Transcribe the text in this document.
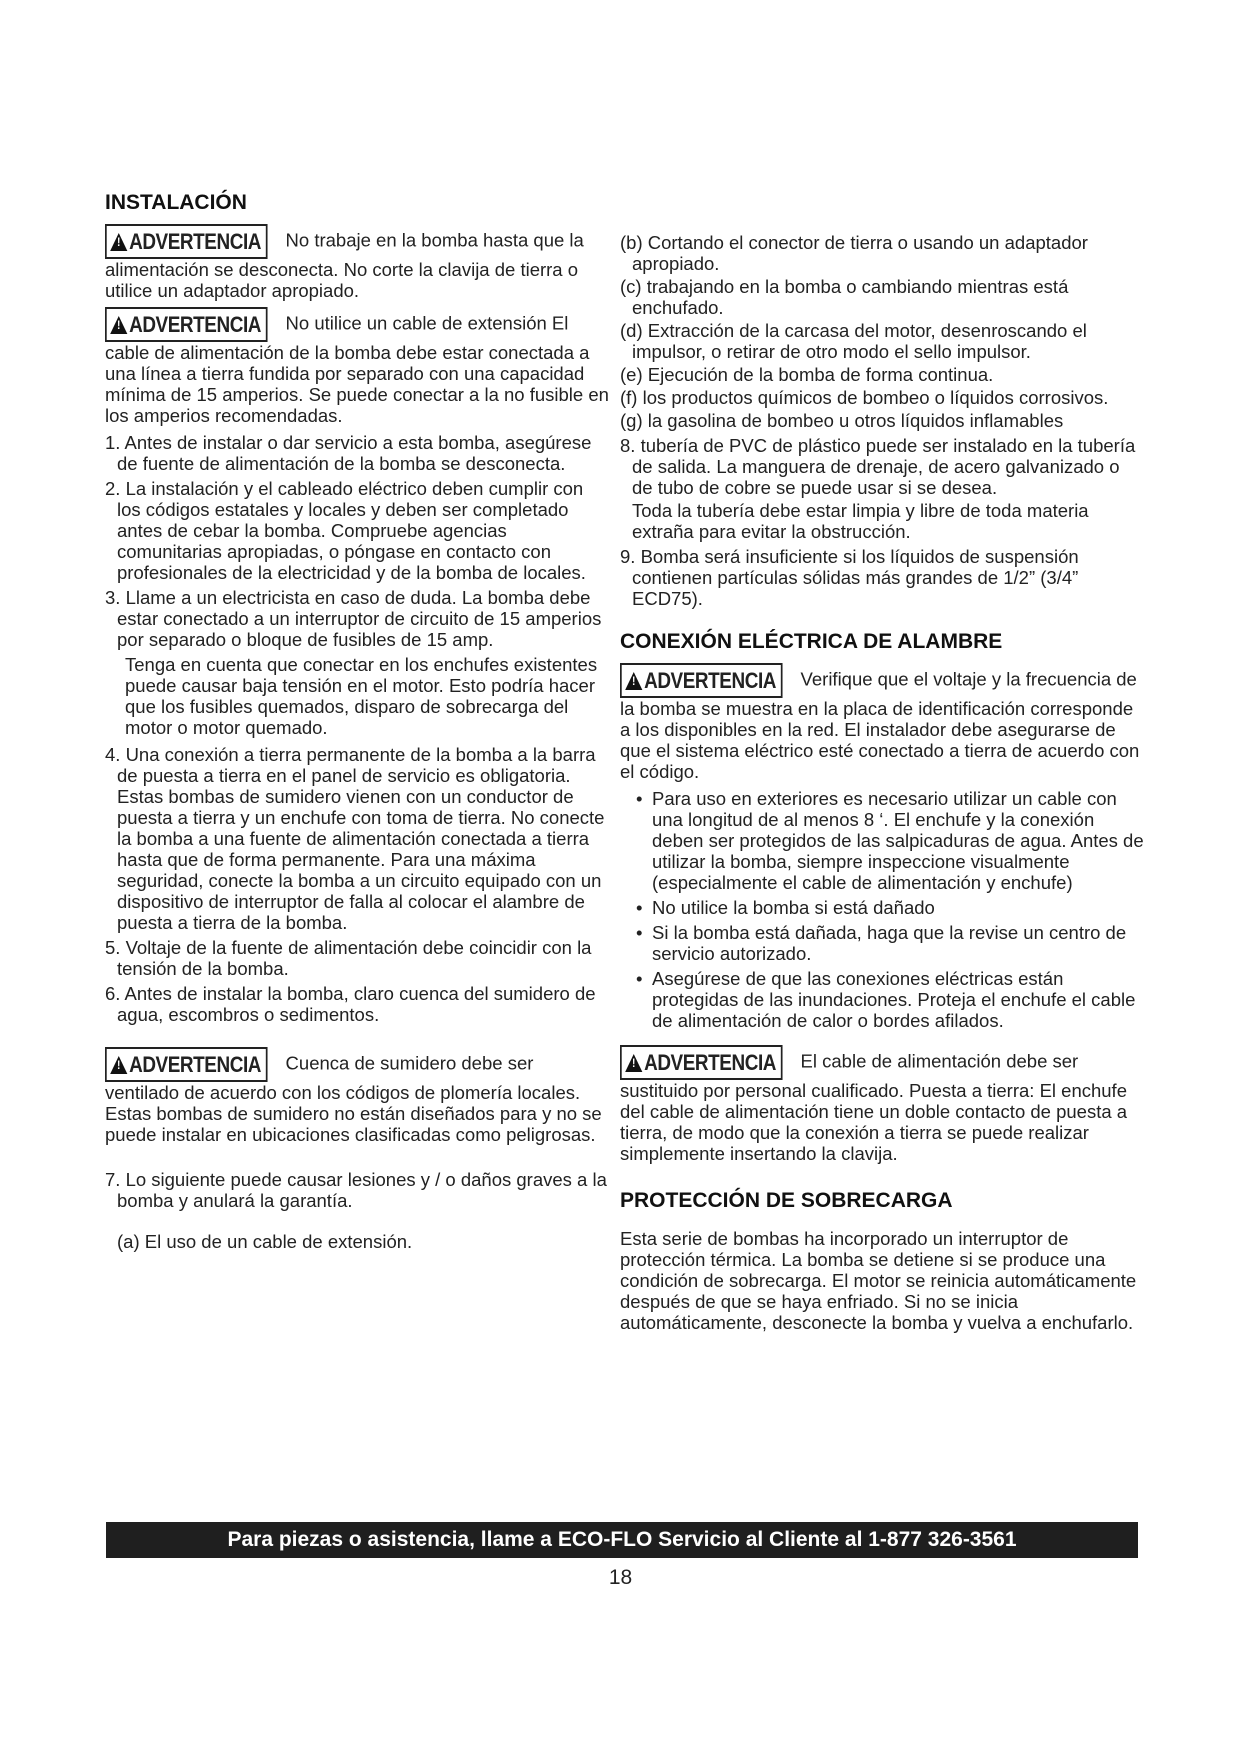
INSTALACIÓN

!ADVERTENCIA No trabaje en la bomba hasta que la alimentación se desconecta. No corte la clavija de tierra o utilice un adaptador apropiado.

!ADVERTENCIA No utilice un cable de extensión El cable de alimentación de la bomba debe estar conectada a una línea a tierra fundida por separado con una capacidad mínima de 15 amperios. Se puede conectar a la no fusible en los amperios recomendadas.

1. Antes de instalar o dar servicio a esta bomba, asegúrese de fuente de alimentación de la bomba se desconecta.
2. La instalación y el cableado eléctrico deben cumplir con los códigos estatales y locales y deben ser completado antes de cebar la bomba. Compruebe agencias comunitarias apropiadas, o póngase en contacto con profesionales de la electricidad y de la bomba de locales.
3. Llame a un electricista en caso de duda. La bomba debe estar conectado a un interruptor de circuito de 15 amperios por separado o bloque de fusibles de 15 amp.

Tenga en cuenta que conectar en los enchufes existentes puede causar baja tensión en el motor. Esto podría hacer que los fusibles quemados, disparo de sobrecarga del motor o motor quemado.

4. Una conexión a tierra permanente de la bomba a la barra de puesta a tierra en el panel de servicio es obligatoria. Estas bombas de sumidero vienen con un conductor de puesta a tierra y un enchufe con toma de tierra. No conecte la bomba a una fuente de alimentación conectada a tierra hasta que de forma permanente. Para una máxima seguridad, conecte la bomba a un circuito equipado con un dispositivo de interruptor de falla al colocar el alambre de puesta a tierra de la bomba.
5. Voltaje de la fuente de alimentación debe coincidir con la tensión de la bomba.
6. Antes de instalar la bomba, claro cuenca del sumidero de agua, escombros o sedimentos.

!ADVERTENCIA Cuenca de sumidero debe ser ventilado de acuerdo con los códigos de plomería locales. Estas bombas de sumidero no están diseñados para y no se puede instalar en ubicaciones clasificadas como peligrosas.

7. Lo siguiente puede causar lesiones y / o daños graves a la bomba y anulará la garantía.

(a) El uso de un cable de extensión.

(b) Cortando el conector de tierra o usando un adaptador apropiado.

(c) trabajando en la bomba o cambiando mientras está enchufado.

(d) Extracción de la carcasa del motor, desenroscando el impulsor, o retirar de otro modo el sello impulsor.

(e) Ejecución de la bomba de forma continua.

(f) los productos químicos de bombeo o líquidos corrosivos.

(g) la gasolina de bombeo u otros líquidos inflamables

8. tubería de PVC de plástico puede ser instalado en la tubería de salida. La manguera de drenaje, de acero galvanizado o de tubo de cobre se puede usar si se desea.

Toda la tubería debe estar limpia y libre de toda materia extraña para evitar la obstrucción.

9. Bomba será insuficiente si los líquidos de suspensión contienen partículas sólidas más grandes de 1/2” (3/4” ECD75).

CONEXIÓN ELÉCTRICA DE ALAMBRE

!ADVERTENCIA Verifique que el voltaje y la frecuencia de la bomba se muestra en la placa de identificación corresponde a los disponibles en la red. El instalador debe asegurarse de que el sistema eléctrico esté conectado a tierra de acuerdo con el código.

• Para uso en exteriores es necesario utilizar un cable con una longitud de al menos 8 ‘. El enchufe y la conexión deben ser protegidos de las salpicaduras de agua. Antes de utilizar la bomba, siempre inspeccione visualmente (especialmente el cable de alimentación y enchufe)
• No utilice la bomba si está dañado
• Si la bomba está dañada, haga que la revise un centro de servicio autorizado.
• Asegúrese de que las conexiones eléctricas están protegidas de las inundaciones. Proteja el enchufe el cable de alimentación de calor o bordes afilados.

!ADVERTENCIA El cable de alimentación debe ser sustituido por personal cualificado. Puesta a tierra: El enchufe del cable de alimentación tiene un doble contacto de puesta a tierra, de modo que la conexión a tierra se puede realizar simplemente insertando la clavija.

PROTECCIÓN DE SOBRECARGA

Esta serie de bombas ha incorporado un interruptor de protección térmica. La bomba se detiene si se produce una condición de sobrecarga. El motor se reinicia automáticamente después de que se haya enfriado. Si no se inicia automáticamente, desconecte la bomba y vuelva a enchufarlo.

Para piezas o asistencia, llame a ECO-FLO Servicio al Cliente al 1-877 326-3561
18
